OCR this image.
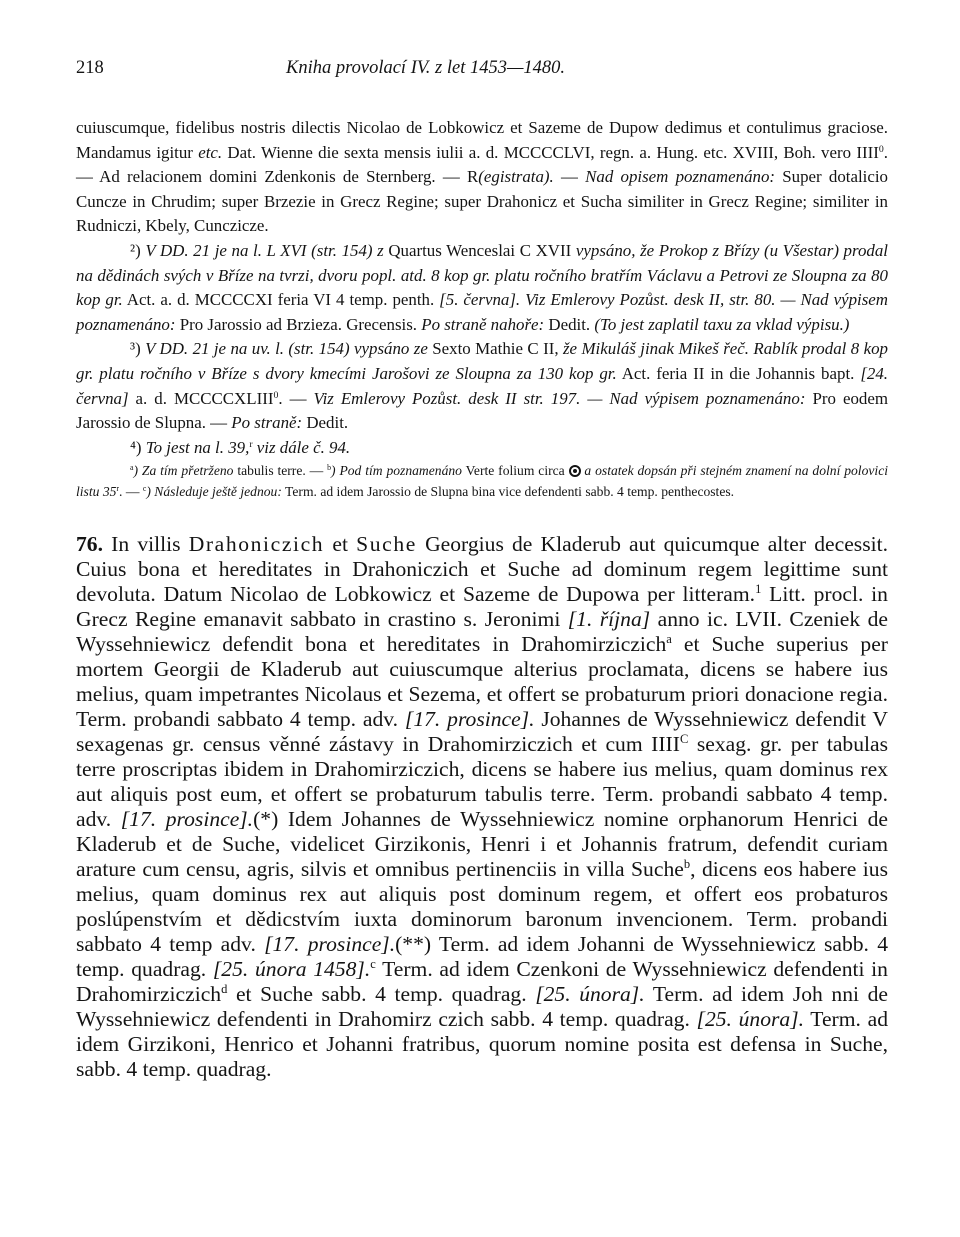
218	Kniha provolací IV. z let 1453—1480.

cuiuscumque, fidelibus nostris dilectis Nicolao de Lobkowicz et Sazeme de Dupow dedimus et contulimus graciose. Mandamus igitur etc. Dat. Wienne die sexta mensis iulii a. d. MCCCCLVI, regn. a. Hung. etc. XVIII, Boh. vero IIII$^0$. — Ad relacionem domini Zdenkonis de Sternberg. — R(egistrata). — Nad opisem poznamenáno: Super dotalicio Cuncze in Chrudim; super Brzezie in Grecz Regine; super Drahonicz et Sucha similiter in Grecz Regine; similiter in Rudniczi, Kbely, Cunczicze.

²) V DD. 21 je na l. L XVI (str. 154) z Quartus Wenceslai C XVII vypsáno, že Prokop z Břízy (u Všestar) prodal na dědinách svých v Bříze na tvrzi, dvoru popl. atd. 8 kop gr. platu ročního bratřím Václavu a Petrovi ze Sloupna za 80 kop gr. Act. a. d. MCCCCXI feria VI 4 temp. penth. [5. června]. Viz Emlerovy Pozůst. desk II, str. 80. — Nad výpisem poznamenáno: Pro Jarossio ad Brzieza. Grecensis. Po straně nahoře: Dedit. (To jest zaplatil taxu za vklad výpisu.)

³) V DD. 21 je na uv. l. (str. 154) vypsáno ze Sexto Mathie C II, že Mikuláš jinak Mikeš řeč. Rablík prodal 8 kop gr. platu ročního v Bříze s dvory kmecími Jarošovi ze Sloupna za 130 kop gr. Act. feria II in die Johannis bapt. [24. června] a. d. MCCCCXLIII$^0$. — Viz Emlerovy Pozůst. desk II str. 197. — Nad výpisem poznamenáno: Pro eodem Jarossio de Slupna. — Po straně: Dedit.

⁴) To jest na l. 39,$^r$ viz dále č. 94.

$^a$) Za tím přetrženo tabulis terre. — $^b$) Pod tím poznamenáno Verte folium circa ○ a ostatek dopsán při stejném znamení na dolní polovici listu 35$^r$. — $^c$) Následuje ještě jednou: Term. ad idem Jarossio de Slupna bina vice defendenti sabb. 4 temp. penthecostes.

76. In villis Drahoniczich et Suche Georgius de Kladerub aut quicumque alter decessit. Cuius bona et hereditates in Drahoniczich et Suche ad dominum regem legittime sunt devoluta. Datum Nicolao de Lobkowicz et Sazeme de Dupowa per litteram.$^1$ Litt. procl. in Grecz Regine emanavit sabbato in crastino s. Jeronimi [1. října] anno ic. LVII. Czeniek de Wyssehniewicz defendit bona et hereditates in Drahomirziczich$^a$ et Suche superius per mortem Georgii de Kladerub aut cuiuscumque alterius proclamata, dicens se habere ius melius, quam impetrantes Nicolaus et Sezema, et offert se probaturum priori donacione regia. Term. probandi sabbato 4 temp. adv. [17. prosince]. Johannes de Wyssehniewicz defendit V sexagenas gr. census věnné zástavy in Drahomirziczich et cum $IIII^C$ sexag. gr. per tabulas terre proscriptas ibidem in Drahomirziczich, dicens se habere ius melius, quam dominus rex aut aliquis post eum, et offert se probaturum tabulis terre. Term. probandi sabbato 4 temp. adv. [17. prosince].(*) Idem Johannes de Wyssehniewicz nomine orphanorum Henrici de Kladerub et de Suche, videlicet Girzikonis, Henri i et Johannis fratrum, defendit curiam arature cum censu, agris, silvis et omnibus pertinenciis in villa Suche$^b$, dicens eos habere ius melius, quam dominus rex aut aliquis post dominum regem, et offert eos probaturos poslúpenstvím et dědicstvím iuxta dominorum baronum invencionem. Term. probandi sabbato 4 temp adv. [17. prosince].(**) Term. ad idem Johanni de Wyssehniewicz sabb. 4 temp. quadrag. [25. února 1458].$^c$ Term. ad idem Czenkoni de Wyssehniewicz defendenti in Drahomirziczich$^d$ et Suche sabb. 4 temp. quadrag. [25. února]. Term. ad idem Joh nni de Wyssehniewicz defendenti in Drahomirz czich sabb. 4 temp. quadrag. [25. února]. Term. ad idem Girzikoni, Henrico et Johanni fratribus, quorum nomine posita est defensa in Suche, sabb. 4 temp. quadrag.
